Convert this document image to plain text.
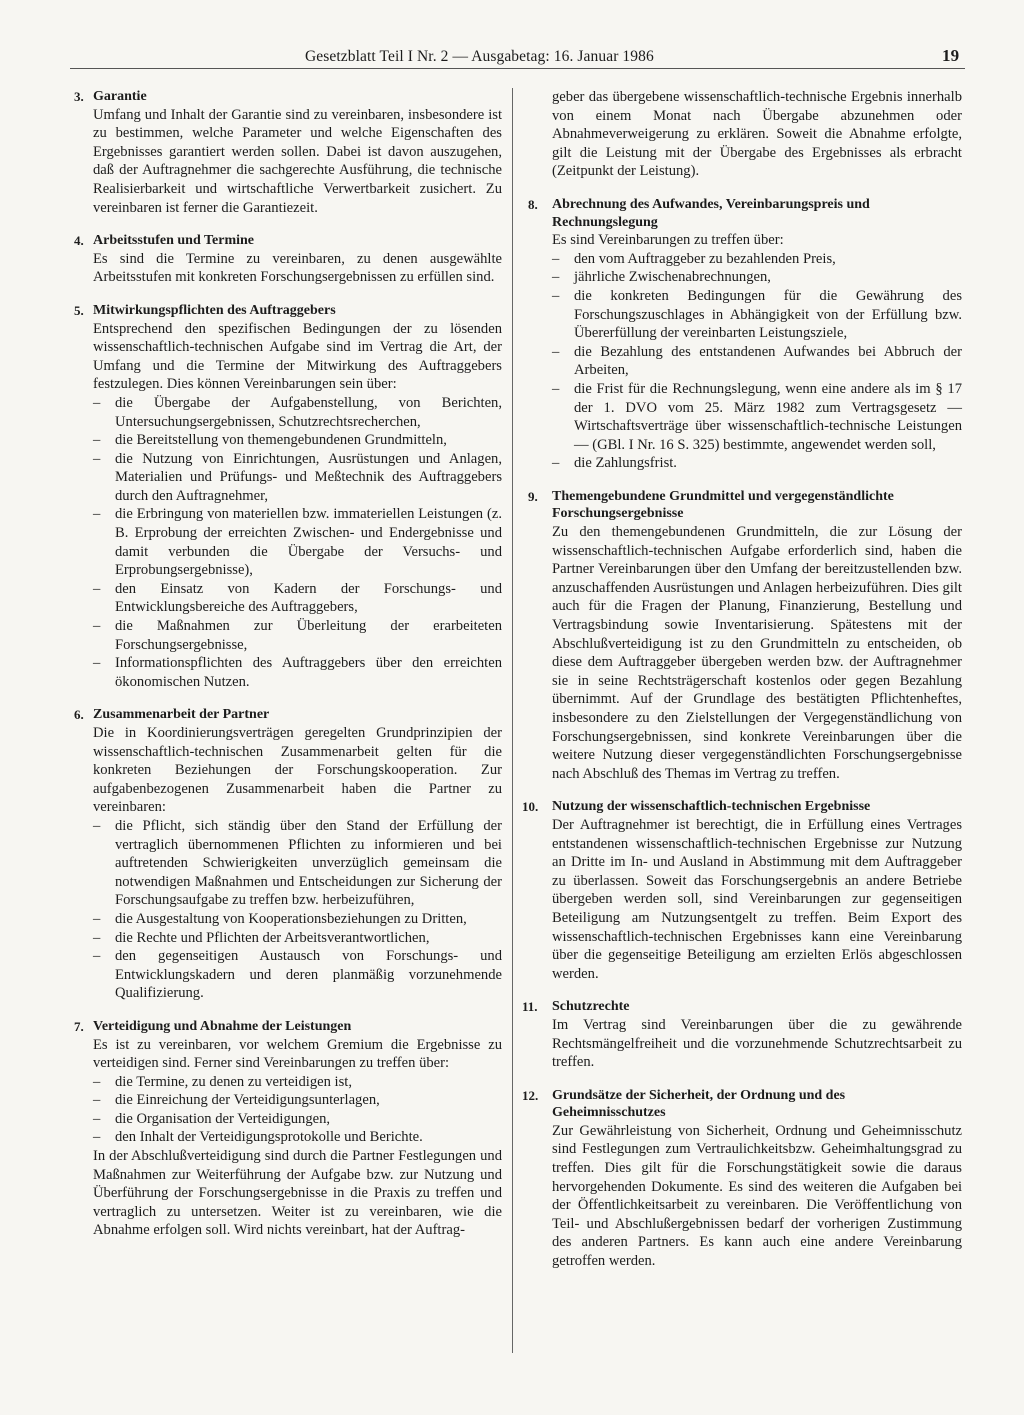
Gesetzblatt Teil I Nr. 2 — Ausgabetag: 16. Januar 1986	19
3. Garantie
Umfang und Inhalt der Garantie sind zu vereinbaren, insbesondere ist zu bestimmen, welche Parameter und welche Eigenschaften des Ergebnisses garantiert werden sollen. Dabei ist davon auszugehen, daß der Auftragnehmer die sachgerechte Ausführung, die technische Realisierbarkeit und wirtschaftliche Verwertbarkeit zusichert. Zu vereinbaren ist ferner die Garantiezeit.
4. Arbeitsstufen und Termine
Es sind die Termine zu vereinbaren, zu denen ausgewählte Arbeitsstufen mit konkreten Forschungsergebnissen zu erfüllen sind.
5. Mitwirkungspflichten des Auftraggebers
Entsprechend den spezifischen Bedingungen der zu lösenden wissenschaftlich-technischen Aufgabe sind im Vertrag die Art, der Umfang und die Termine der Mitwirkung des Auftraggebers festzulegen. Dies können Vereinbarungen sein über:
– die Übergabe der Aufgabenstellung, von Berichten, Untersuchungsergebnissen, Schutzrechtsrecherchen,
– die Bereitstellung von themengebundenen Grundmitteln,
– die Nutzung von Einrichtungen, Ausrüstungen und Anlagen, Materialien und Prüfungs- und Meßtechnik des Auftraggebers durch den Auftragnehmer,
– die Erbringung von materiellen bzw. immateriellen Leistungen (z. B. Erprobung der erreichten Zwischen- und Endergebnisse und damit verbunden die Übergabe der Versuchs- und Erprobungsergebnisse),
– den Einsatz von Kadern der Forschungs- und Entwicklungsbereiche des Auftraggebers,
– die Maßnahmen zur Überleitung der erarbeiteten Forschungsergebnisse,
– Informationspflichten des Auftraggebers über den erreichten ökonomischen Nutzen.
6. Zusammenarbeit der Partner
Die in Koordinierungsverträgen geregelten Grundprinzipien der wissenschaftlich-technischen Zusammenarbeit gelten für die konkreten Beziehungen der Forschungskooperation. Zur aufgabenbezogenen Zusammenarbeit haben die Partner zu vereinbaren:
– die Pflicht, sich ständig über den Stand der Erfüllung der vertraglich übernommenen Pflichten zu informieren und bei auftretenden Schwierigkeiten unverzüglich gemeinsam die notwendigen Maßnahmen und Entscheidungen zur Sicherung der Forschungsaufgabe zu treffen bzw. herbeizuführen,
– die Ausgestaltung von Kooperationsbeziehungen zu Dritten,
– die Rechte und Pflichten der Arbeitsverantwortlichen,
– den gegenseitigen Austausch von Forschungs- und Entwicklungskadern und deren planmäßig vorzunehmende Qualifizierung.
7. Verteidigung und Abnahme der Leistungen
Es ist zu vereinbaren, vor welchem Gremium die Ergebnisse zu verteidigen sind. Ferner sind Vereinbarungen zu treffen über:
– die Termine, zu denen zu verteidigen ist,
– die Einreichung der Verteidigungsunterlagen,
– die Organisation der Verteidigungen,
– den Inhalt der Verteidigungsprotokolle und Berichte.
In der Abschlußverteidigung sind durch die Partner Festlegungen und Maßnahmen zur Weiterführung der Aufgabe bzw. zur Nutzung und Überführung der Forschungsergebnisse in die Praxis zu treffen und vertraglich zu untersetzen. Weiter ist zu vereinbaren, wie die Abnahme erfolgen soll. Wird nichts vereinbart, hat der Auftrag-
geber das übergebene wissenschaftlich-technische Ergebnis innerhalb von einem Monat nach Übergabe abzunehmen oder Abnahmeverweigerung zu erklären. Soweit die Abnahme erfolgte, gilt die Leistung mit der Übergabe des Ergebnisses als erbracht (Zeitpunkt der Leistung).
8. Abrechnung des Aufwandes, Vereinbarungspreis und Rechnungslegung
Es sind Vereinbarungen zu treffen über:
– den vom Auftraggeber zu bezahlenden Preis,
– jährliche Zwischenabrechnungen,
– die konkreten Bedingungen für die Gewährung des Forschungszuschlages in Abhängigkeit von der Erfüllung bzw. Übererfüllung der vereinbarten Leistungsziele,
– die Bezahlung des entstandenen Aufwandes bei Abbruch der Arbeiten,
– die Frist für die Rechnungslegung, wenn eine andere als im § 17 der 1. DVO vom 25. März 1982 zum Vertragsgesetz — Wirtschaftsverträge über wissenschaftlich-technische Leistungen — (GBl. I Nr. 16 S. 325) bestimmte, angewendet werden soll,
– die Zahlungsfrist.
9. Themengebundene Grundmittel und vergegenständlichte Forschungsergebnisse
Zu den themengebundenen Grundmitteln, die zur Lösung der wissenschaftlich-technischen Aufgabe erforderlich sind, haben die Partner Vereinbarungen über den Umfang der bereitzustellenden bzw. anzuschaffenden Ausrüstungen und Anlagen herbeizuführen. Dies gilt auch für die Fragen der Planung, Finanzierung, Bestellung und Vertragsbindung sowie Inventarisierung. Spätestens mit der Abschlußverteidigung ist zu den Grundmitteln zu entscheiden, ob diese dem Auftraggeber übergeben werden bzw. der Auftragnehmer sie in seine Rechtsträgerschaft kostenlos oder gegen Bezahlung übernimmt. Auf der Grundlage des bestätigten Pflichtenheftes, insbesondere zu den Zielstellungen der Vergegenständlichung von Forschungsergebnissen, sind konkrete Vereinbarungen über die weitere Nutzung dieser vergegenständlichten Forschungsergebnisse nach Abschluß des Themas im Vertrag zu treffen.
10. Nutzung der wissenschaftlich-technischen Ergebnisse
Der Auftragnehmer ist berechtigt, die in Erfüllung eines Vertrages entstandenen wissenschaftlich-technischen Ergebnisse zur Nutzung an Dritte im In- und Ausland in Abstimmung mit dem Auftraggeber zu überlassen. Soweit das Forschungsergebnis an andere Betriebe übergeben werden soll, sind Vereinbarungen zur gegenseitigen Beteiligung am Nutzungsentgelt zu treffen. Beim Export des wissenschaftlich-technischen Ergebnisses kann eine Vereinbarung über die gegenseitige Beteiligung am erzielten Erlös abgeschlossen werden.
11. Schutzrechte
Im Vertrag sind Vereinbarungen über die zu gewährende Rechtsmängelfreiheit und die vorzunehmende Schutzrechtsarbeit zu treffen.
12. Grundsätze der Sicherheit, der Ordnung und des Geheimnisschutzes
Zur Gewährleistung von Sicherheit, Ordnung und Geheimnisschutz sind Festlegungen zum Vertraulichkeitsbzw. Geheimhaltungsgrad zu treffen. Dies gilt für die Forschungstätigkeit sowie die daraus hervorgehenden Dokumente. Es sind des weiteren die Aufgaben bei der Öffentlichkeitsarbeit zu vereinbaren. Die Veröffentlichung von Teil- und Abschlußergebnissen bedarf der vorherigen Zustimmung des anderen Partners. Es kann auch eine andere Vereinbarung getroffen werden.
